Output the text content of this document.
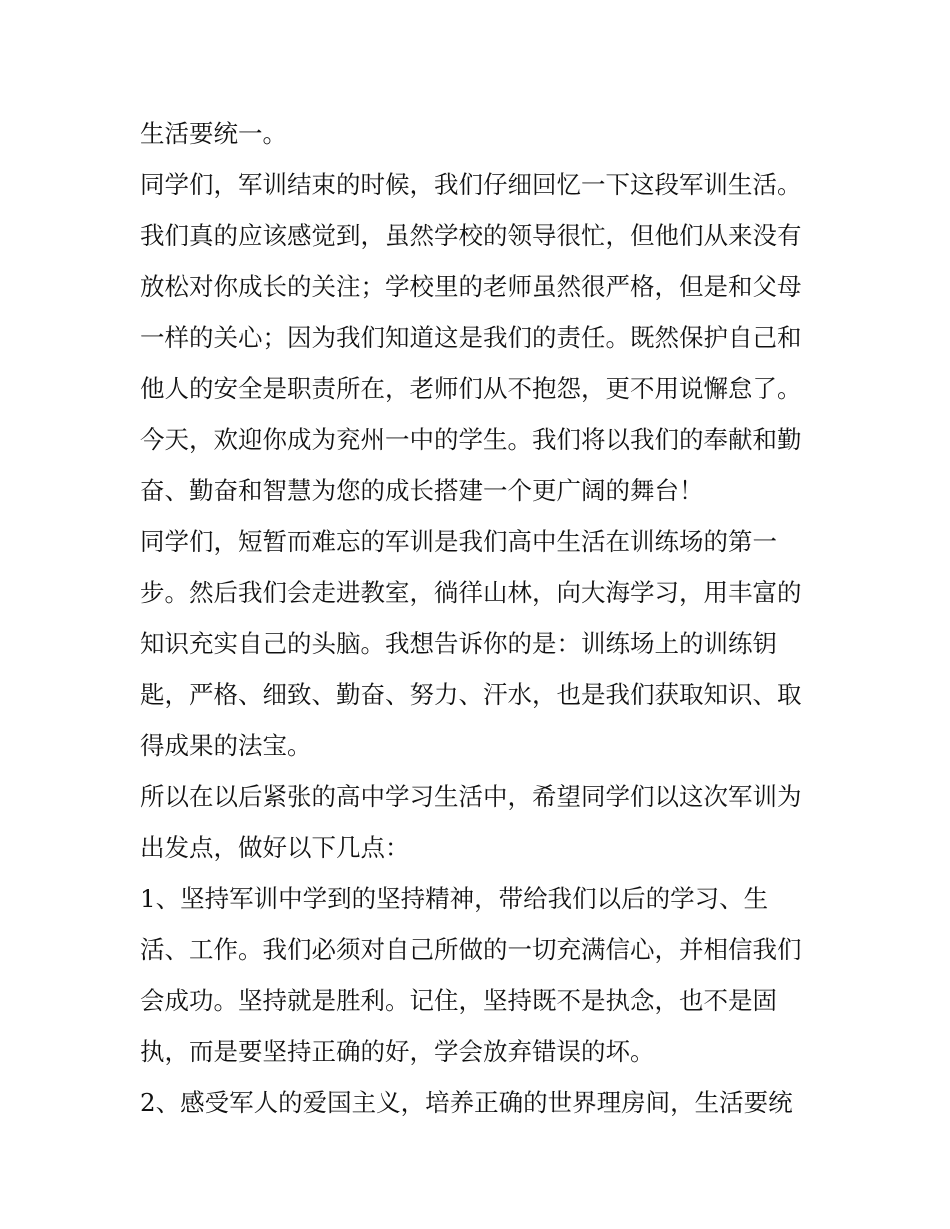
生活要统一。
同学们，军训结束的时候，我们仔细回忆一下这段军训生活。
我们真的应该感觉到，虽然学校的领导很忙，但他们从来没有
放松对你成长的关注；学校里的老师虽然很严格，但是和父母
一样的关心；因为我们知道这是我们的责任。既然保护自己和
他人的安全是职责所在，老师们从不抱怨，更不用说懈怠了。
今天，欢迎你成为兖州一中的学生。我们将以我们的奉献和勤
奋、勤奋和智慧为您的成长搭建一个更广阔的舞台！
同学们，短暂而难忘的军训是我们高中生活在训练场的第一
步。然后我们会走进教室，徜徉山林，向大海学习，用丰富的
知识充实自己的头脑。我想告诉你的是：训练场上的训练钥
匙，严格、细致、勤奋、努力、汗水，也是我们获取知识、取
得成果的法宝。
所以在以后紧张的高中学习生活中，希望同学们以这次军训为
出发点，做好以下几点：
1、坚持军训中学到的坚持精神，带给我们以后的学习、生
活、工作。我们必须对自己所做的一切充满信心，并相信我们
会成功。坚持就是胜利。记住，坚持既不是执念，也不是固
执，而是要坚持正确的好，学会放弃错误的坏。
2、感受军人的爱国主义，培养正确的世界理房间，生活要统
